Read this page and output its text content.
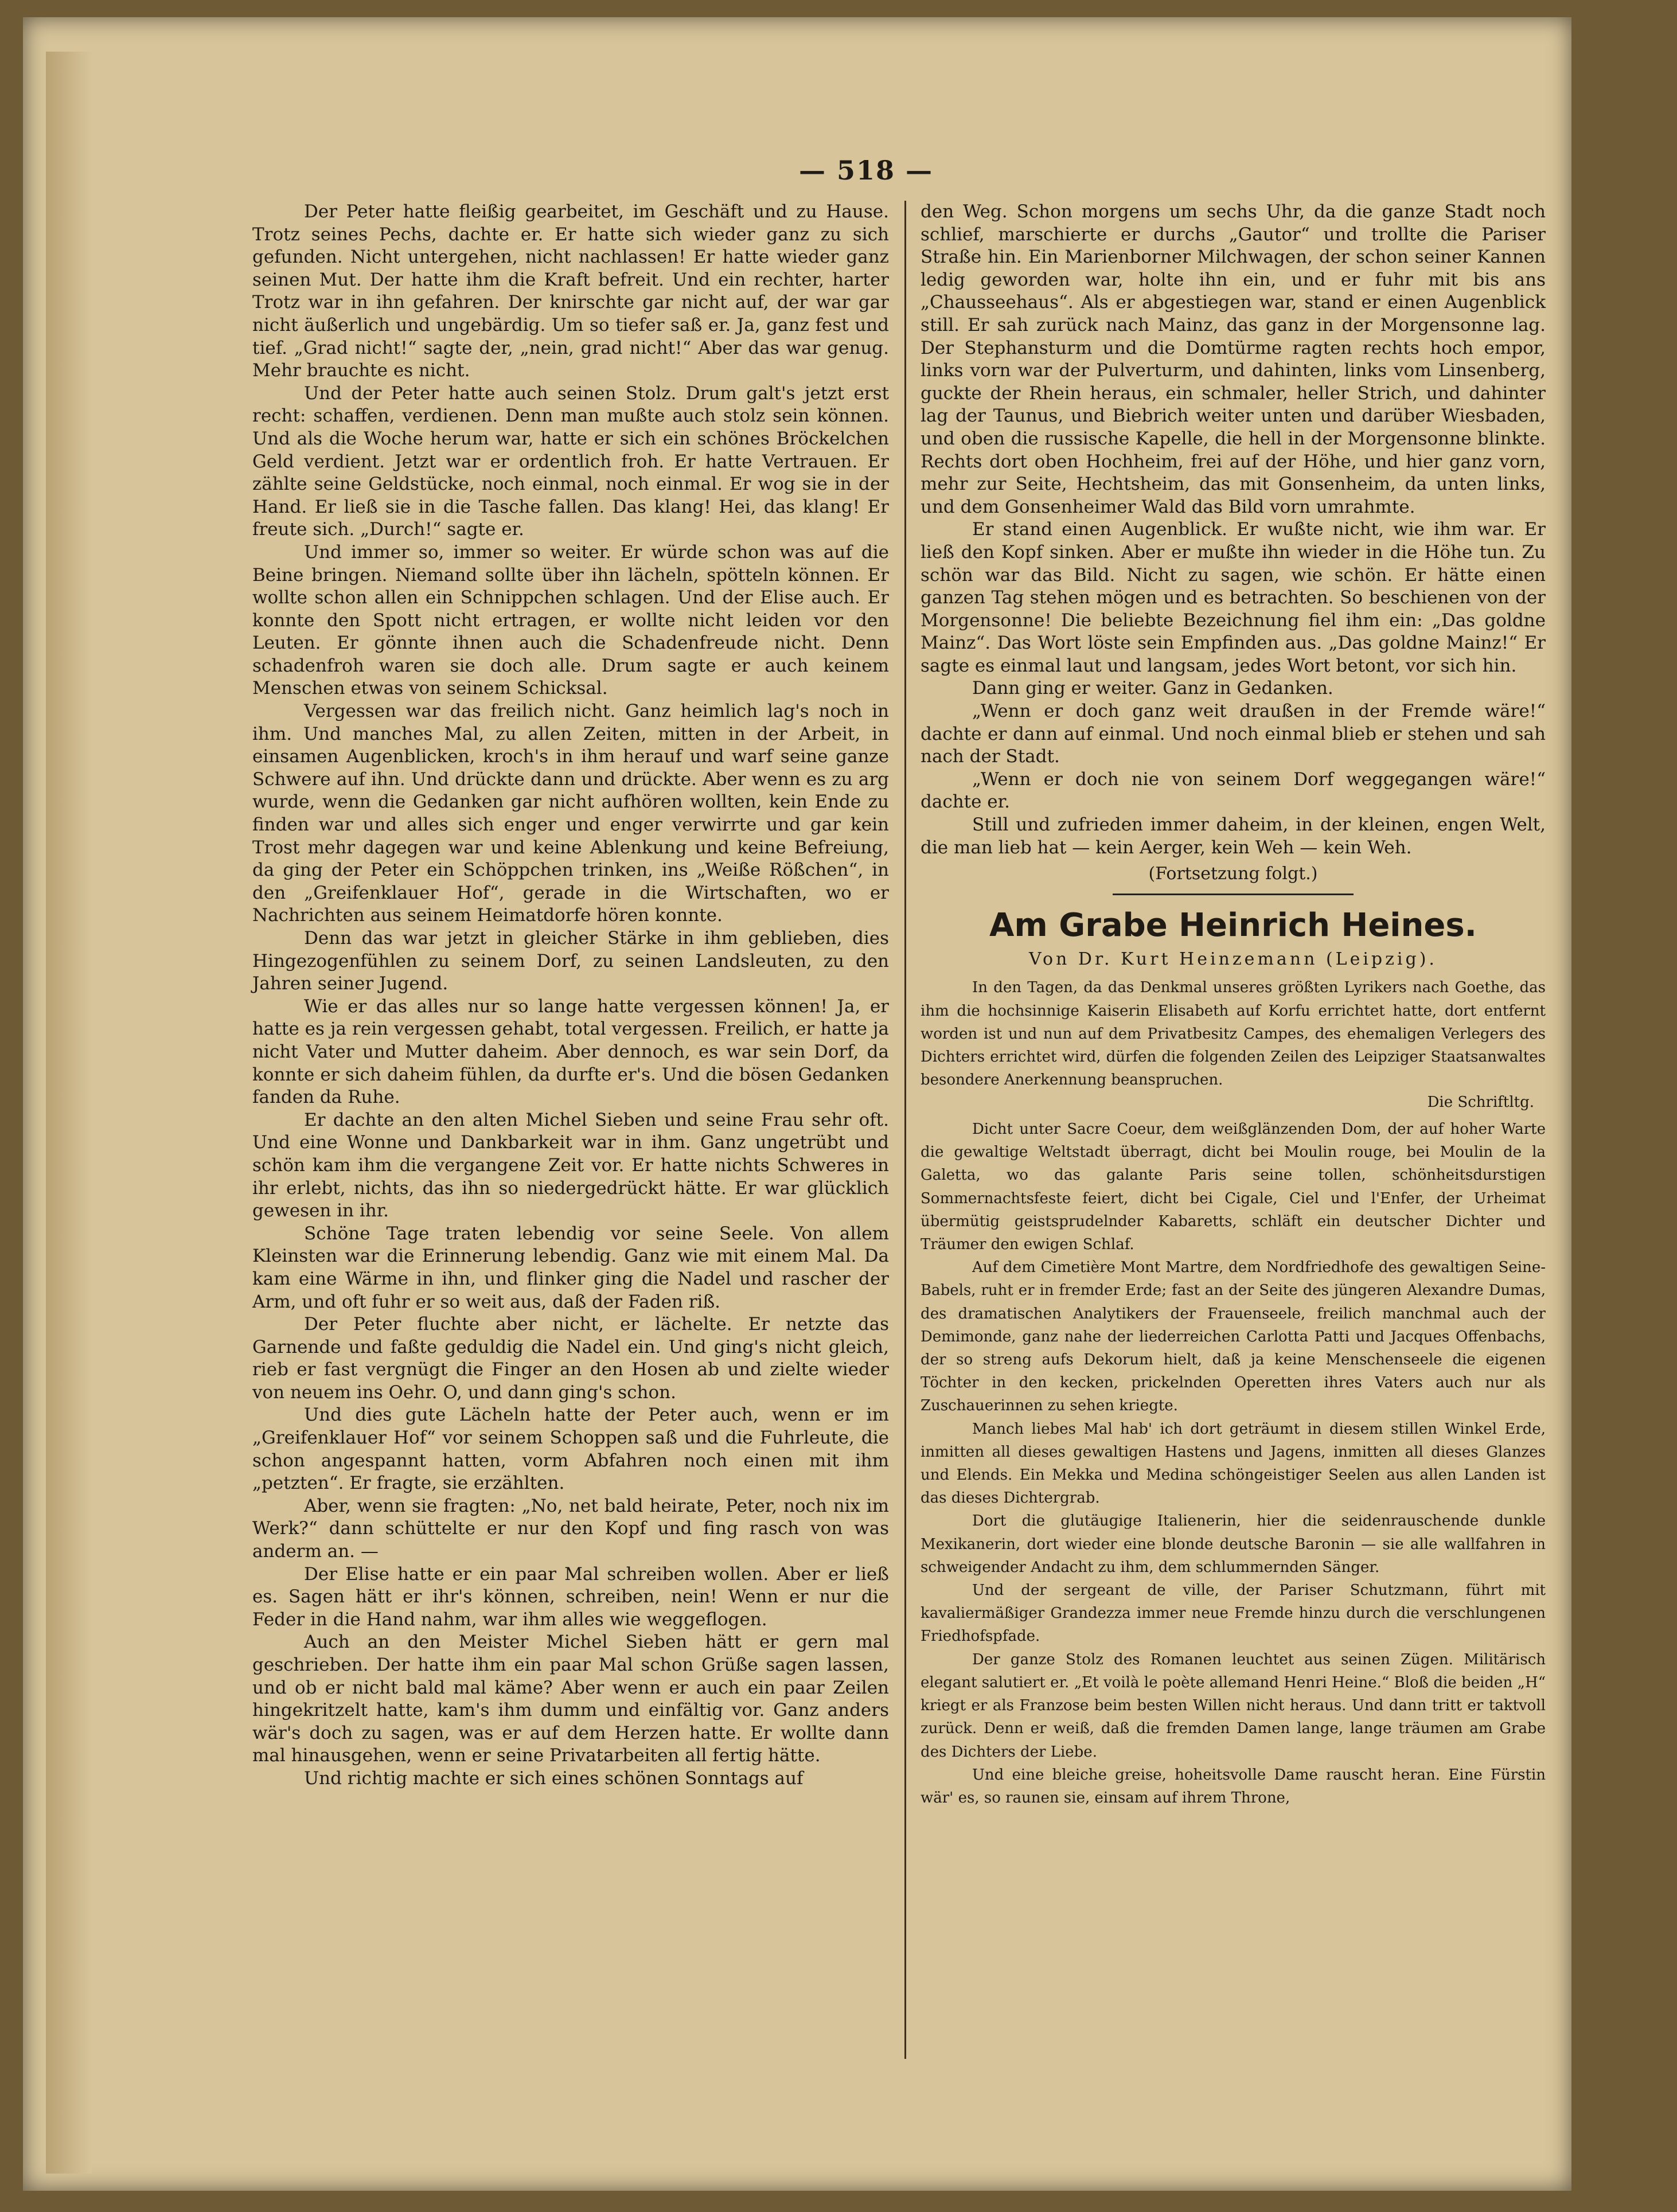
— 518 —

Der Peter hatte fleißig gearbeitet, im Geschäft und zu Hause. Trotz seines Pechs, dachte er. Er hatte sich wieder ganz zu sich gefunden. Nicht untergehen, nicht nachlassen! Er hatte wieder ganz seinen Mut. Der hatte ihm die Kraft befreit. Und ein rechter, harter Trotz war in ihn gefahren. Der knirschte gar nicht auf, der war gar nicht äußerlich und ungebärdig. Um so tiefer saß er. Ja, ganz fest und tief. „Grad nicht!“ sagte der, „nein, grad nicht!“ Aber das war genug. Mehr brauchte es nicht.

Und der Peter hatte auch seinen Stolz. Drum galt's jetzt erst recht: schaffen, verdienen. Denn man mußte auch stolz sein können. Und als die Woche herum war, hatte er sich ein schönes Bröckelchen Geld verdient. Jetzt war er ordentlich froh. Er hatte Vertrauen. Er zählte seine Geldstücke, noch einmal, noch einmal. Er wog sie in der Hand. Er ließ sie in die Tasche fallen. Das klang! Hei, das klang! Er freute sich. „Durch!“ sagte er.

Und immer so, immer so weiter. Er würde schon was auf die Beine bringen. Niemand sollte über ihn lächeln, spötteln können. Er wollte schon allen ein Schnippchen schlagen. Und der Elise auch. Er konnte den Spott nicht ertragen, er wollte nicht leiden vor den Leuten. Er gönnte ihnen auch die Schadenfreude nicht. Denn schadenfroh waren sie doch alle. Drum sagte er auch keinem Menschen etwas von seinem Schicksal.

Vergessen war das freilich nicht. Ganz heimlich lag's noch in ihm. Und manches Mal, zu allen Zeiten, mitten in der Arbeit, in einsamen Augenblicken, kroch's in ihm herauf und warf seine ganze Schwere auf ihn. Und drückte dann und drückte. Aber wenn es zu arg wurde, wenn die Gedanken gar nicht aufhören wollten, kein Ende zu finden war und alles sich enger und enger verwirrte und gar kein Trost mehr dagegen war und keine Ablenkung und keine Befreiung, da ging der Peter ein Schöppchen trinken, ins „Weiße Rößchen“, in den „Greifenklauer Hof“, gerade in die Wirtschaften, wo er Nachrichten aus seinem Heimatdorfe hören konnte.

Denn das war jetzt in gleicher Stärke in ihm geblieben, dies Hingezogenfühlen zu seinem Dorf, zu seinen Landsleuten, zu den Jahren seiner Jugend.

Wie er das alles nur so lange hatte vergessen können! Ja, er hatte es ja rein vergessen gehabt, total vergessen. Freilich, er hatte ja nicht Vater und Mutter daheim. Aber dennoch, es war sein Dorf, da konnte er sich daheim fühlen, da durfte er's. Und die bösen Gedanken fanden da Ruhe.

Er dachte an den alten Michel Sieben und seine Frau sehr oft. Und eine Wonne und Dankbarkeit war in ihm. Ganz ungetrübt und schön kam ihm die vergangene Zeit vor. Er hatte nichts Schweres in ihr erlebt, nichts, das ihn so niedergedrückt hätte. Er war glücklich gewesen in ihr.

Schöne Tage traten lebendig vor seine Seele. Von allem Kleinsten war die Erinnerung lebendig. Ganz wie mit einem Mal. Da kam eine Wärme in ihn, und flinker ging die Nadel und rascher der Arm, und oft fuhr er so weit aus, daß der Faden riß.

Der Peter fluchte aber nicht, er lächelte. Er netzte das Garnende und faßte geduldig die Nadel ein. Und ging's nicht gleich, rieb er fast vergnügt die Finger an den Hosen ab und zielte wieder von neuem ins Oehr. O, und dann ging's schon.

Und dies gute Lächeln hatte der Peter auch, wenn er im „Greifenklauer Hof“ vor seinem Schoppen saß und die Fuhrleute, die schon angespannt hatten, vorm Abfahren noch einen mit ihm „petzten“. Er fragte, sie erzählten.

Aber, wenn sie fragten: „No, net bald heirate, Peter, noch nix im Werk?“ dann schüttelte er nur den Kopf und fing rasch von was anderm an. —

Der Elise hatte er ein paar Mal schreiben wollen. Aber er ließ es. Sagen hätt er ihr's können, schreiben, nein! Wenn er nur die Feder in die Hand nahm, war ihm alles wie weggeflogen.

Auch an den Meister Michel Sieben hätt er gern mal geschrieben. Der hatte ihm ein paar Mal schon Grüße sagen lassen, und ob er nicht bald mal käme? Aber wenn er auch ein paar Zeilen hingekritzelt hatte, kam's ihm dumm und einfältig vor. Ganz anders wär's doch zu sagen, was er auf dem Herzen hatte. Er wollte dann mal hinausgehen, wenn er seine Privatarbeiten all fertig hätte.

Und richtig machte er sich eines schönen Sonntags auf

den Weg. Schon morgens um sechs Uhr, da die ganze Stadt noch schlief, marschierte er durchs „Gautor“ und trollte die Pariser Straße hin. Ein Marienborner Milchwagen, der schon seiner Kannen ledig geworden war, holte ihn ein, und er fuhr mit bis ans „Chausseehaus“. Als er abgestiegen war, stand er einen Augenblick still. Er sah zurück nach Mainz, das ganz in der Morgensonne lag. Der Stephansturm und die Domtürme ragten rechts hoch empor, links vorn war der Pulverturm, und dahinten, links vom Linsenberg, guckte der Rhein heraus, ein schmaler, heller Strich, und dahinter lag der Taunus, und Biebrich weiter unten und darüber Wiesbaden, und oben die russische Kapelle, die hell in der Morgensonne blinkte. Rechts dort oben Hochheim, frei auf der Höhe, und hier ganz vorn, mehr zur Seite, Hechtsheim, das mit Gonsenheim, da unten links, und dem Gonsenheimer Wald das Bild vorn umrahmte.

Er stand einen Augenblick. Er wußte nicht, wie ihm war. Er ließ den Kopf sinken. Aber er mußte ihn wieder in die Höhe tun. Zu schön war das Bild. Nicht zu sagen, wie schön. Er hätte einen ganzen Tag stehen mögen und es betrachten. So beschienen von der Morgensonne! Die beliebte Bezeichnung fiel ihm ein: „Das goldne Mainz“. Das Wort löste sein Empfinden aus. „Das goldne Mainz!“ Er sagte es einmal laut und langsam, jedes Wort betont, vor sich hin.

Dann ging er weiter. Ganz in Gedanken.

„Wenn er doch ganz weit draußen in der Fremde wäre!“ dachte er dann auf einmal. Und noch einmal blieb er stehen und sah nach der Stadt.

„Wenn er doch nie von seinem Dorf weggegangen wäre!“ dachte er.

Still und zufrieden immer daheim, in der kleinen, engen Welt, die man lieb hat — kein Aerger, kein Weh — kein Weh.

(Fortsetzung folgt.)
Am Grabe Heinrich Heines.
Von Dr. Kurt Heinzemann (Leipzig).

In den Tagen, da das Denkmal unseres größten Lyrikers nach Goethe, das ihm die hochsinnige Kaiserin Elisabeth auf Korfu errichtet hatte, dort entfernt worden ist und nun auf dem Privatbesitz Campes, des ehemaligen Verlegers des Dichters errichtet wird, dürfen die folgenden Zeilen des Leipziger Staatsanwaltes besondere Anerkennung beanspruchen.

Die Schriftltg.

Dicht unter Sacre Coeur, dem weißglänzenden Dom, der auf hoher Warte die gewaltige Weltstadt überragt, dicht bei Moulin rouge, bei Moulin de la Galetta, wo das galante Paris seine tollen, schönheitsdurstigen Sommernachtsfeste feiert, dicht bei Cigale, Ciel und l'Enfer, der Urheimat übermütig geistsprudelnder Kabaretts, schläft ein deutscher Dichter und Träumer den ewigen Schlaf.

Auf dem Cimetière Mont Martre, dem Nordfriedhofe des gewaltigen Seine-Babels, ruht er in fremder Erde; fast an der Seite des jüngeren Alexandre Dumas, des dramatischen Analytikers der Frauenseele, freilich manchmal auch der Demimonde, ganz nahe der liederreichen Carlotta Patti und Jacques Offenbachs, der so streng aufs Dekorum hielt, daß ja keine Menschenseele die eigenen Töchter in den kecken, prickelnden Operetten ihres Vaters auch nur als Zuschauerinnen zu sehen kriegte.

Manch liebes Mal hab' ich dort geträumt in diesem stillen Winkel Erde, inmitten all dieses gewaltigen Hastens und Jagens, inmitten all dieses Glanzes und Elends. Ein Mekka und Medina schöngeistiger Seelen aus allen Landen ist das dieses Dichtergrab.

Dort die glutäugige Italienerin, hier die seidenrauschende dunkle Mexikanerin, dort wieder eine blonde deutsche Baronin — sie alle wallfahren in schweigender Andacht zu ihm, dem schlummernden Sänger.

Und der sergeant de ville, der Pariser Schutzmann, führt mit kavaliermäßiger Grandezza immer neue Fremde hinzu durch die verschlungenen Friedhofspfade.

Der ganze Stolz des Romanen leuchtet aus seinen Zügen. Militärisch elegant salutiert er. „Et voilà le poète allemand Henri Heine.“ Bloß die beiden „H“ kriegt er als Franzose beim besten Willen nicht heraus. Und dann tritt er taktvoll zurück. Denn er weiß, daß die fremden Damen lange, lange träumen am Grabe des Dichters der Liebe.

Und eine bleiche greise, hoheitsvolle Dame rauscht heran. Eine Fürstin wär' es, so raunen sie, einsam auf ihrem Throne,
